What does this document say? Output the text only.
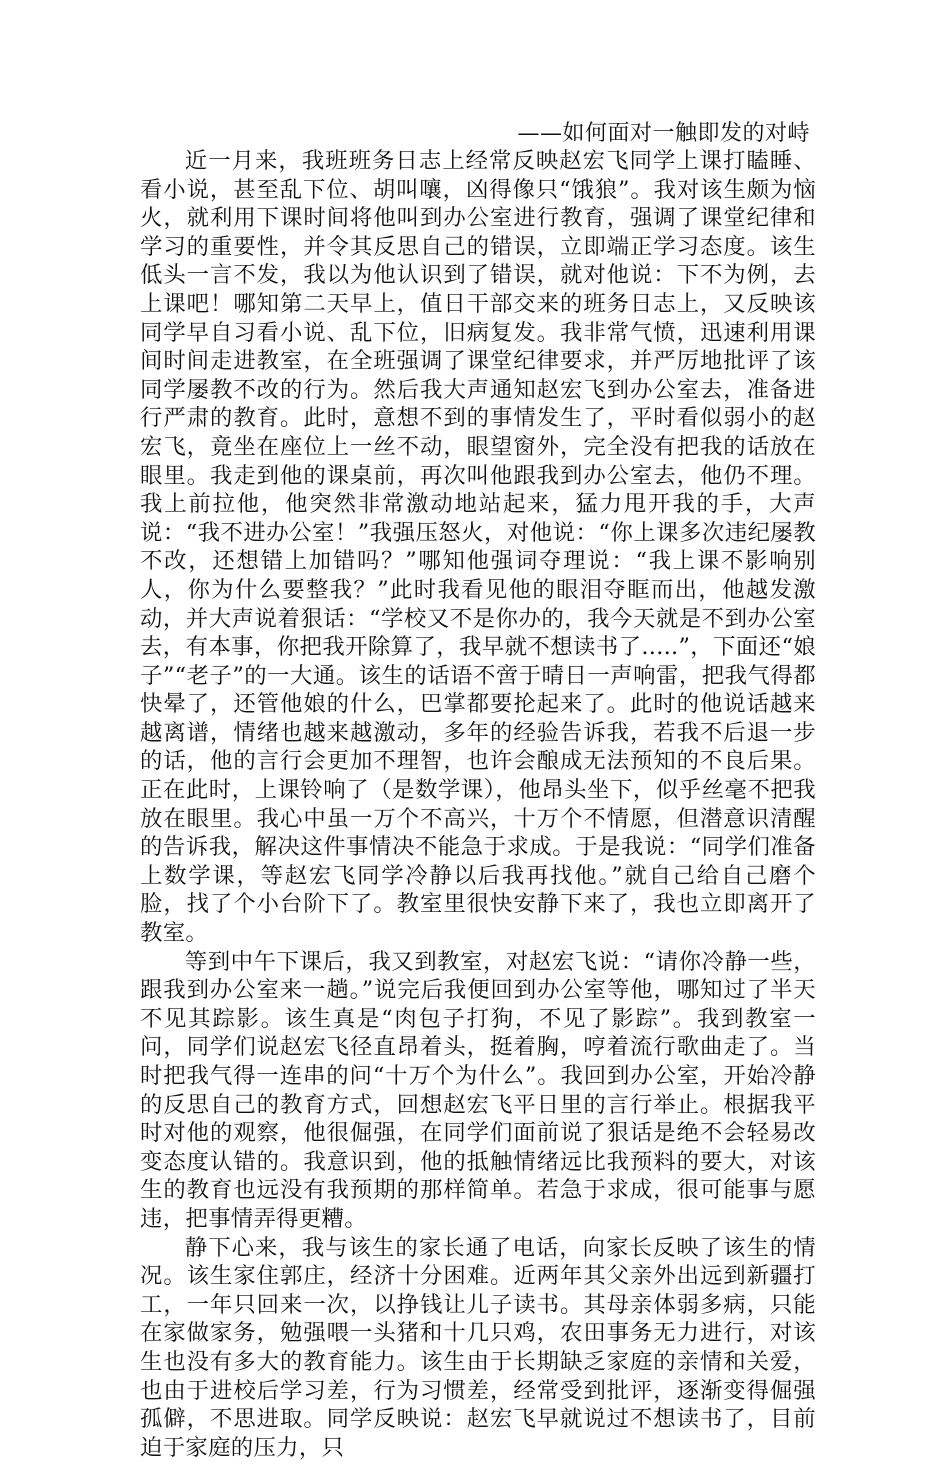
——如何面对一触即发的对峙

近一月来，我班班务日志上经常反映赵宏飞同学上课打瞌睡、看小说，甚至乱下位、胡叫嚷，凶得像只“饿狼”。我对该生颇为恼火，就利用下课时间将他叫到办公室进行教育，强调了课堂纪律和学习的重要性，并令其反思自己的错误，立即端正学习态度。该生低头一言不发，我以为他认识到了错误，就对他说：下不为例，去上课吧！哪知第二天早上，值日干部交来的班务日志上，又反映该同学早自习看小说、乱下位，旧病复发。我非常气愤，迅速利用课间时间走进教室，在全班强调了课堂纪律要求，并严厉地批评了该同学屡教不改的行为。然后我大声通知赵宏飞到办公室去，准备进行严肃的教育。此时，意想不到的事情发生了，平时看似弱小的赵宏飞，竟坐在座位上一丝不动，眼望窗外，完全没有把我的话放在眼里。我走到他的课桌前，再次叫他跟我到办公室去，他仍不理。我上前拉他，他突然非常激动地站起来，猛力甩开我的手，大声说：“我不进办公室！”我强压怒火，对他说：“你上课多次违纪屡教不改，还想错上加错吗？”哪知他强词夺理说：“我上课不影响别人，你为什么要整我？”此时我看见他的眼泪夺眶而出，他越发激动，并大声说着狠话：“学校又不是你办的，我今天就是不到办公室去，有本事，你把我开除算了，我早就不想读书了.....”，下面还“娘子”“老子”的一大通。该生的话语不啻于晴日一声响雷，把我气得都快晕了，还管他娘的什么，巴掌都要抡起来了。此时的他说话越来越离谱，情绪也越来越激动，多年的经验告诉我，若我不后退一步的话，他的言行会更加不理智，也许会酿成无法预知的不良后果。正在此时，上课铃响了（是数学课），他昂头坐下，似乎丝毫不把我放在眼里。我心中虽一万个不高兴，十万个不情愿，但潜意识清醒的告诉我，解决这件事情决不能急于求成。于是我说：“同学们准备上数学课，等赵宏飞同学冷静以后我再找他。”就自己给自己磨个脸，找了个小台阶下了。教室里很快安静下来了，我也立即离开了教室。

等到中午下课后，我又到教室，对赵宏飞说：“请你冷静一些，跟我到办公室来一趟。”说完后我便回到办公室等他，哪知过了半天不见其踪影。该生真是“肉包子打狗，不见了影踪”。我到教室一问，同学们说赵宏飞径直昂着头，挺着胸，哼着流行歌曲走了。当时把我气得一连串的问“十万个为什么”。我回到办公室，开始冷静的反思自己的教育方式，回想赵宏飞平日里的言行举止。根据我平时对他的观察，他很倔强，在同学们面前说了狠话是绝不会轻易改变态度认错的。我意识到，他的抵触情绪远比我预料的要大，对该生的教育也远没有我预期的那样简单。若急于求成，很可能事与愿违，把事情弄得更糟。

静下心来，我与该生的家长通了电话，向家长反映了该生的情况。该生家住郭庄，经济十分困难。近两年其父亲外出远到新疆打工，一年只回来一次，以挣钱让儿子读书。其母亲体弱多病，只能在家做家务，勉强喂一头猪和十几只鸡，农田事务无力进行，对该生也没有多大的教育能力。该生由于长期缺乏家庭的亲情和关爱，也由于进校后学习差，行为习惯差，经常受到批评，逐渐变得倔强孤僻，不思进取。同学反映说：赵宏飞早就说过不想读书了，目前迫于家庭的压力，只
